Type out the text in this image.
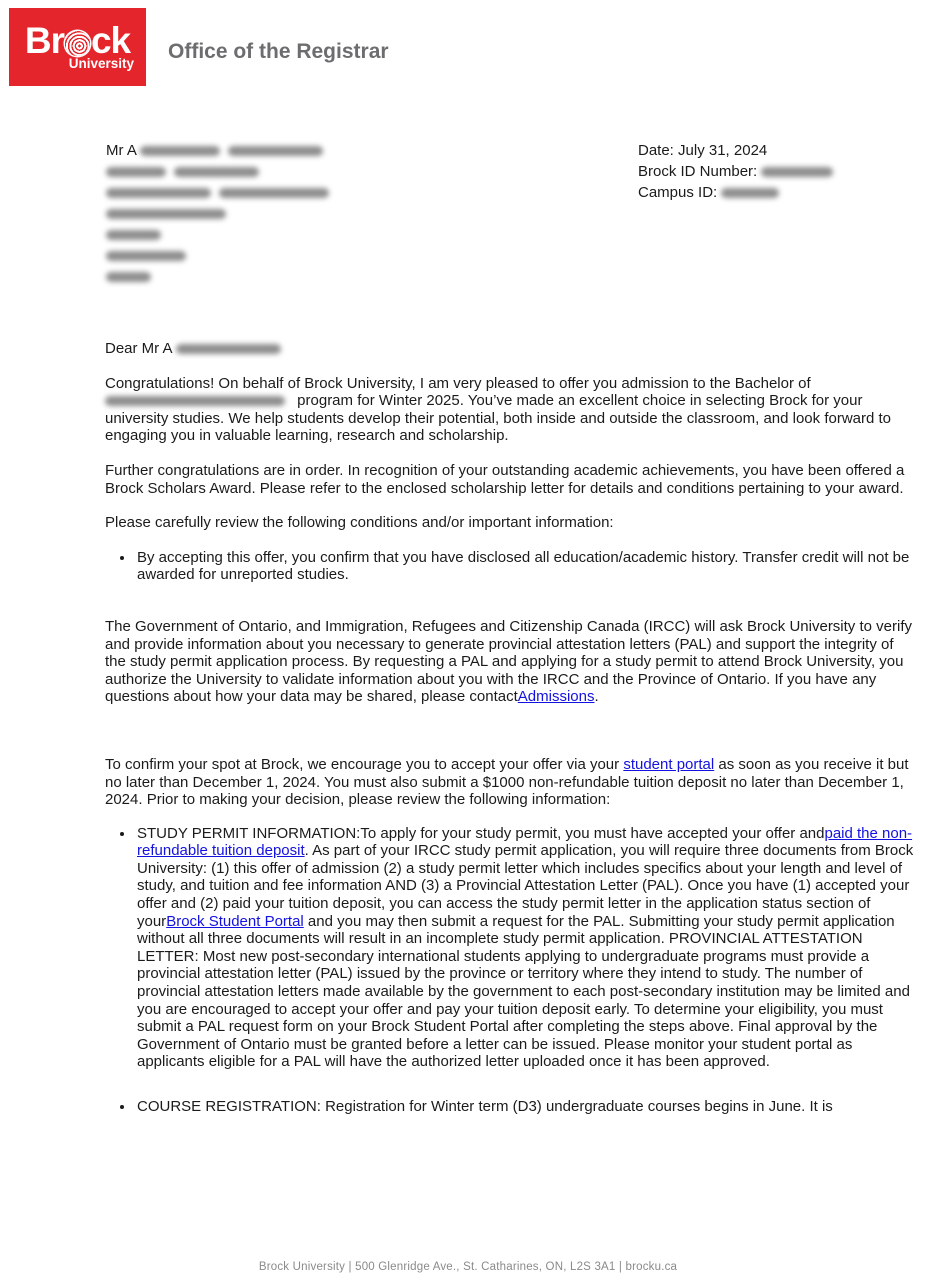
Br ck
University
Office of the Registrar
Mr A	Date: July 31, 2024
Brock ID Number:
Campus ID:

Dear Mr A

Congratulations! On behalf of Brock University, I am very pleased to offer you admission to the Bachelor of  program for Winter 2025. You’ve made an excellent choice in selecting Brock for your university studies. We help students develop their potential, both inside and outside the classroom, and look forward to engaging you in valuable learning, research and scholarship.

Further congratulations are in order. In recognition of your outstanding academic achievements, you have been offered a Brock Scholars Award. Please refer to the enclosed scholarship letter for details and conditions pertaining to your award.

Please carefully review the following conditions and/or important information:

• By accepting this offer, you confirm that you have disclosed all education/academic history. Transfer credit will not be awarded for unreported studies.

The Government of Ontario, and Immigration, Refugees and Citizenship Canada (IRCC) will ask Brock University to verify and provide information about you necessary to generate provincial attestation letters (PAL) and support the integrity of the study permit application process. By requesting a PAL and applying for a study permit to attend Brock University, you authorize the University to validate information about you with the IRCC and the Province of Ontario. If you have any questions about how your data may be shared, please contactAdmissions.

To confirm your spot at Brock, we encourage you to accept your offer via your student portal as soon as you receive it but no later than December 1, 2024. You must also submit a $1000 non-refundable tuition deposit no later than December 1, 2024. Prior to making your decision, please review the following information:

• STUDY PERMIT INFORMATION:To apply for your study permit, you must have accepted your offer andpaid the non-refundable tuition deposit. As part of your IRCC study permit application, you will require three documents from Brock University: (1) this offer of admission (2) a study permit letter which includes specifics about your length and level of study, and tuition and fee information AND (3) a Provincial Attestation Letter (PAL). Once you have (1) accepted your offer and (2) paid your tuition deposit, you can access the study permit letter in the application status section of yourBrock Student Portal and you may then submit a request for the PAL. Submitting your study permit application without all three documents will result in an incomplete study permit application. PROVINCIAL ATTESTATION LETTER: Most new post-secondary international students applying to undergraduate programs must provide a provincial attestation letter (PAL) issued by the province or territory where they intend to study. The number of provincial attestation letters made available by the government to each post-secondary institution may be limited and you are encouraged to accept your offer and pay your tuition deposit early. To determine your eligibility, you must submit a PAL request form on your Brock Student Portal after completing the steps above. Final approval by the Government of Ontario must be granted before a letter can be issued. Please monitor your student portal as applicants eligible for a PAL will have the authorized letter uploaded once it has been approved.
• COURSE REGISTRATION: Registration for Winter term (D3) undergraduate courses begins in June. It is
Brock University | 500 Glenridge Ave., St. Catharines, ON, L2S 3A1 | brocku.ca
